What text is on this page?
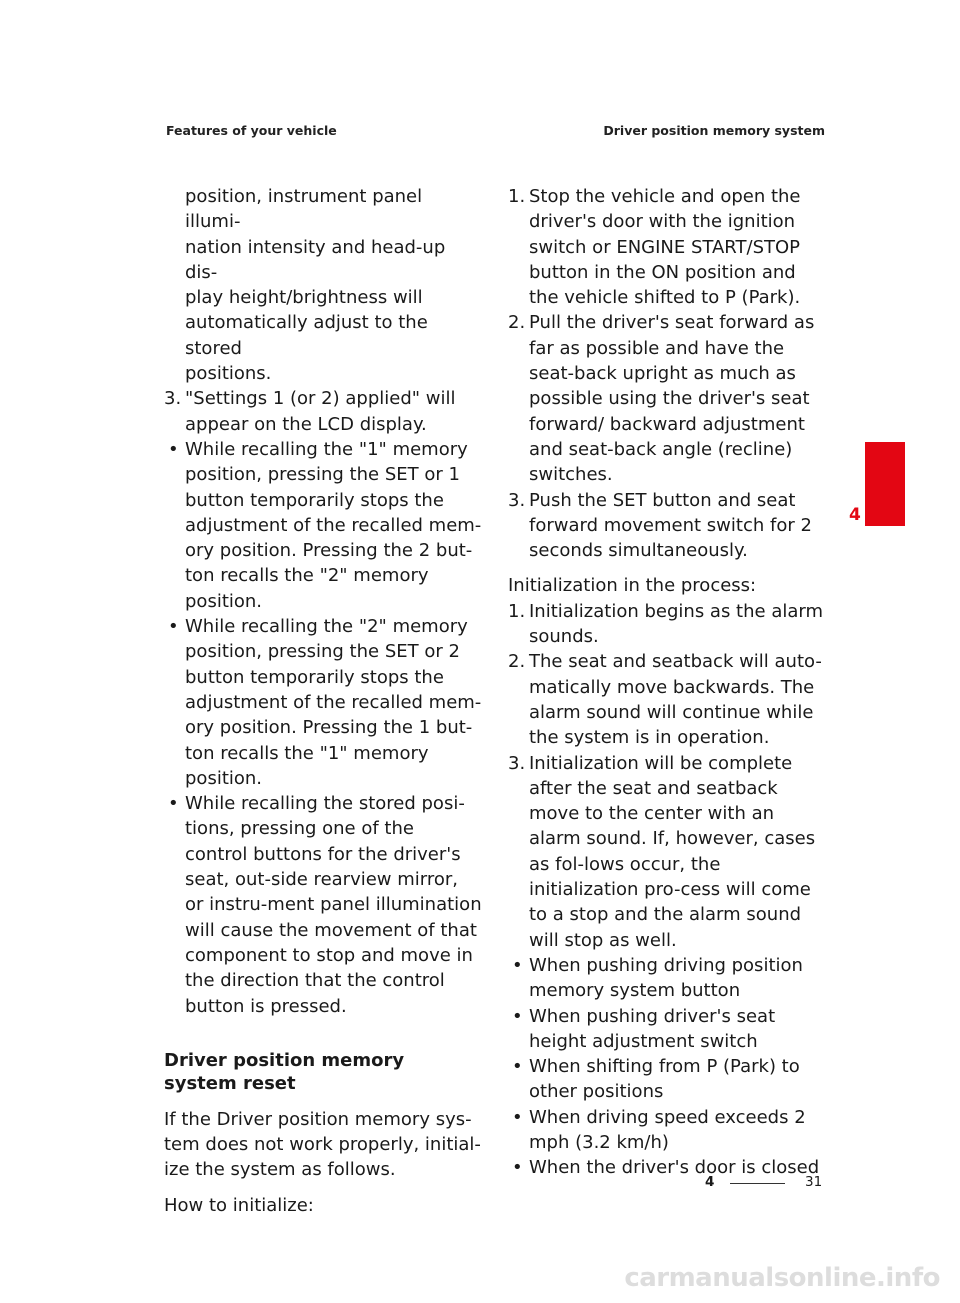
Features of your vehicle	Driver position memory system
position, instrument panel illumi-
nation intensity and head-up dis-
play height/brightness will
automatically adjust to the stored
positions.
3. "Settings 1 (or 2) applied" will appear on the LCD display.
• While recalling the "1" memory position, pressing the SET or 1 button temporarily stops the adjustment of the recalled mem-ory position. Pressing the 2 but-ton recalls the "2" memory position.
• While recalling the "2" memory position, pressing the SET or 2 button temporarily stops the adjustment of the recalled mem-ory position. Pressing the 1 but-ton recalls the "1" memory position.
• While recalling the stored posi-tions, pressing one of the control buttons for the driver's seat, out-side rearview mirror, or instru-ment panel illumination will cause the movement of that component to stop and move in the direction that the control button is pressed.
Driver position memory system reset
If the Driver position memory sys-tem does not work properly, initial-ize the system as follows.
How to initialize:
1. Stop the vehicle and open the driver's door with the ignition switch or ENGINE START/STOP button in the ON position and the vehicle shifted to P (Park).
2. Pull the driver's seat forward as far as possible and have the seat-back upright as much as possible using the driver's seat forward/ backward adjustment and seat-back angle (recline) switches.
3. Push the SET button and seat forward movement switch for 2 seconds simultaneously.
Initialization in the process:
1. Initialization begins as the alarm sounds.
2. The seat and seatback will auto-matically move backwards. The alarm sound will continue while the system is in operation.
3. Initialization will be complete after the seat and seatback move to the center with an alarm sound. If, however, cases as fol-lows occur, the initialization pro-cess will come to a stop and the alarm sound will stop as well.
• When pushing driving position memory system button
• When pushing driver's seat height adjustment switch
• When shifting from P (Park) to other positions
• When driving speed exceeds 2 mph (3.2 km/h)
• When the driver's door is closed
4
4	31
carmanualsonline.info
